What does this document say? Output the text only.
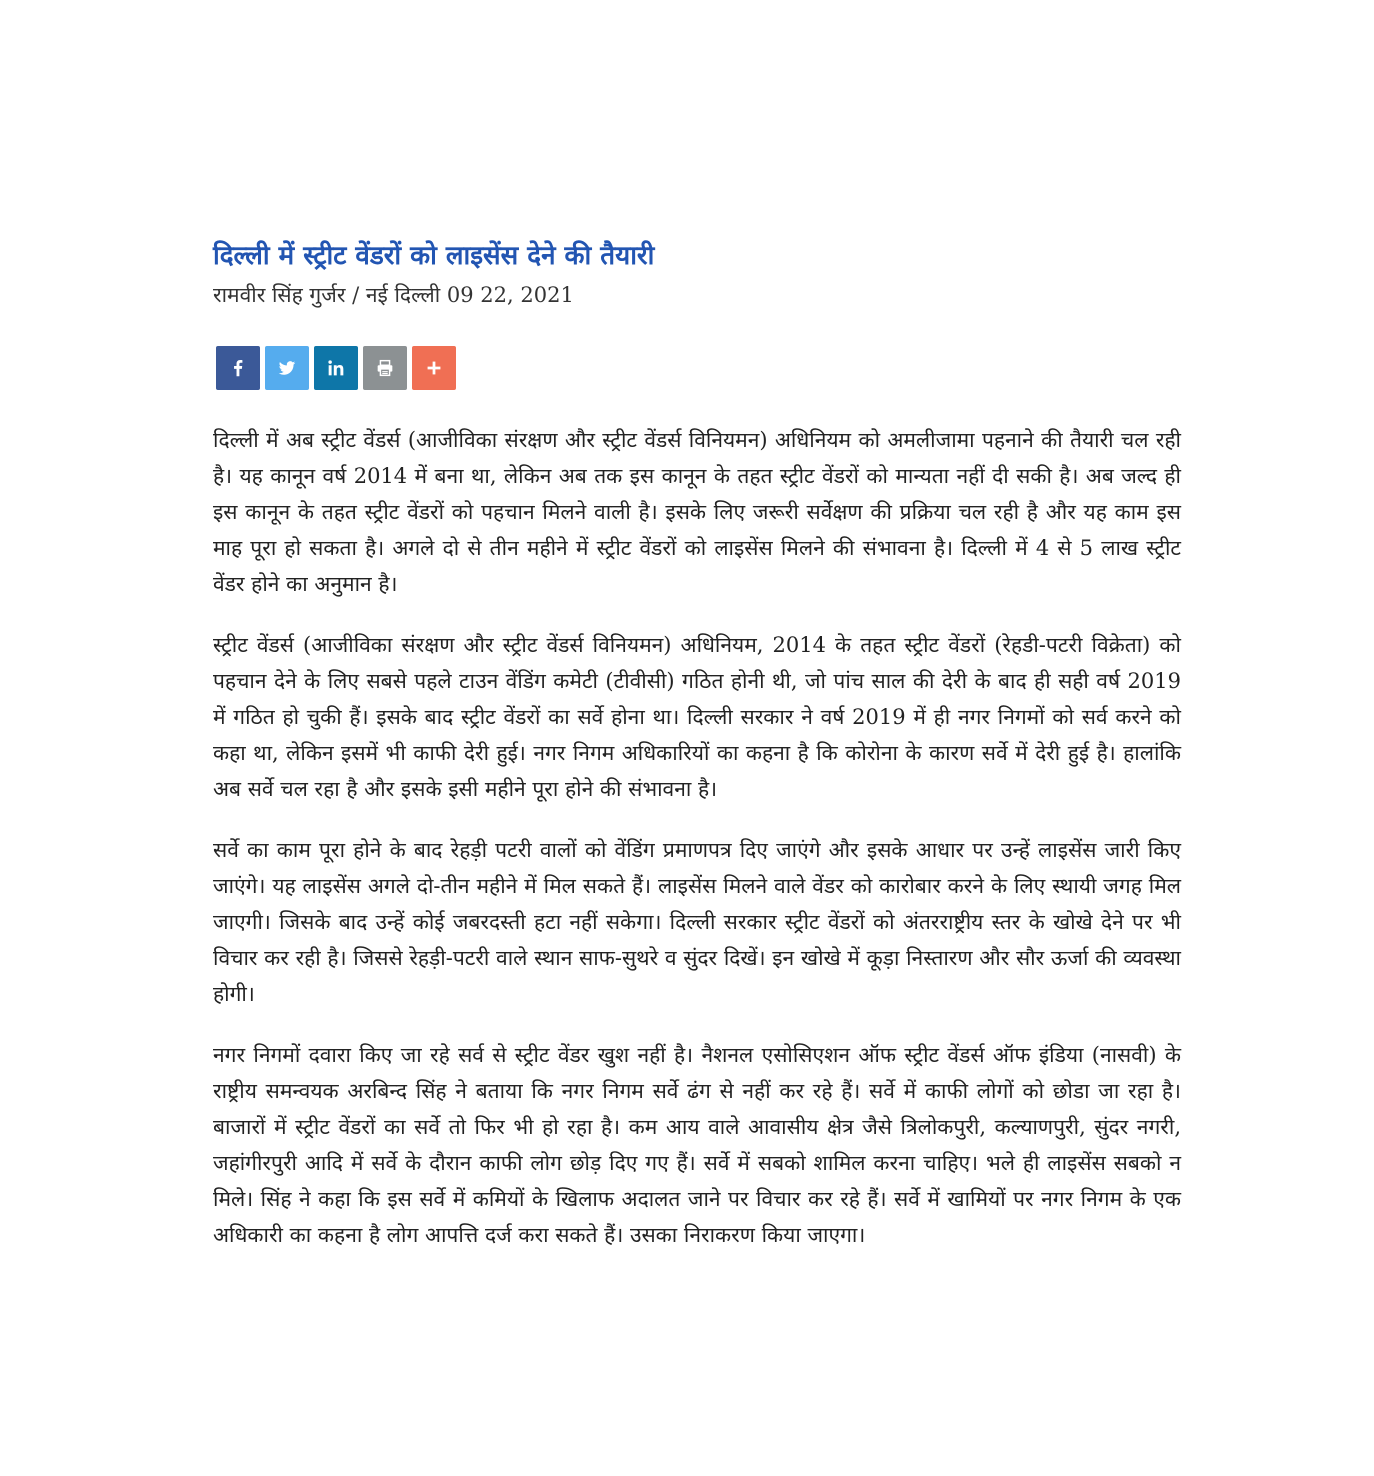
दिल्ली में स्ट्रीट वेंडरों को लाइसेंस देने की तैयारी
रामवीर सिंह गुर्जर / नई दिल्ली 09 22, 2021

दिल्ली में अब स्ट्रीट वेंडर्स (आजीविका संरक्षण और स्ट्रीट वेंडर्स विनियमन) अधिनियम को अमलीजामा पहनाने की तैयारी चल रही है। यह कानून वर्ष 2014 में बना था, लेकिन अब तक इस कानून के तहत स्ट्रीट वेंडरों को मान्यता नहीं दी सकी है। अब जल्द ही इस कानून के तहत स्ट्रीट वेंडरों को पहचान मिलने वाली है। इसके लिए जरूरी सर्वेक्षण की प्रक्रिया चल रही है और यह काम इस माह पूरा हो सकता है। अगले दो से तीन महीने में स्ट्रीट वेंडरों को लाइसेंस मिलने की संभावना है। दिल्ली में 4 से 5 लाख स्ट्रीट वेंडर होने का अनुमान है।

स्ट्रीट वेंडर्स (आजीविका संरक्षण और स्ट्रीट वेंडर्स विनियमन) अधिनियम, 2014 के तहत स्ट्रीट वेंडरों (रेहडी-पटरी विक्रेता) को पहचान देने के लिए सबसे पहले टाउन वेंडिंग कमेटी (टीवीसी) गठित होनी थी, जो पांच साल की देरी के बाद ही सही वर्ष 2019 में गठित हो चुकी हैं। इसके बाद स्ट्रीट वेंडरों का सर्वे होना था। दिल्ली सरकार ने वर्ष 2019 में ही नगर निगमों को सर्व करने को कहा था, लेकिन इसमें भी काफी देरी हुई। नगर निगम अधिकारियों का कहना है कि कोरोना के कारण सर्वे में देरी हुई है। हालांकि अब सर्वे चल रहा है और इसके इसी महीने पूरा होने की संभावना है।

सर्वे का काम पूरा होने के बाद रेहड़ी पटरी वालों को वेंडिंग प्रमाणपत्र दिए जाएंगे और इसके आधार पर उन्हें लाइसेंस जारी किए जाएंगे। यह लाइसेंस अगले दो-तीन महीने में मिल सकते हैं। लाइसेंस मिलने वाले वेंडर को कारोबार करने के लिए स्थायी जगह मिल जाएगी। जिसके बाद उन्हें कोई जबरदस्ती हटा नहीं सकेगा। दिल्ली सरकार स्ट्रीट वेंडरों को अंतरराष्ट्रीय स्तर के खोखे देने पर भी विचार कर रही है। जिससे रेहड़ी-पटरी वाले स्थान साफ-सुथरे व सुंदर दिखें। इन खोखे में कूड़ा निस्तारण और सौर ऊर्जा की व्यवस्था होगी।

नगर निगमों दवारा किए जा रहे सर्व से स्ट्रीट वेंडर खुश नहीं है। नैशनल एसोसिएशन ऑफ स्ट्रीट वेंडर्स ऑफ इंडिया (नासवी) के राष्ट्रीय समन्वयक अरबिन्द सिंह ने बताया कि नगर निगम सर्वे ढंग से नहीं कर रहे हैं। सर्वे में काफी लोगों को छोडा जा रहा है। बाजारों में स्ट्रीट वेंडरों का सर्वे तो फिर भी हो रहा है। कम आय वाले आवासीय क्षेत्र जैसे त्रिलोकपुरी, कल्याणपुरी, सुंदर नगरी, जहांगीरपुरी आदि में सर्वे के दौरान काफी लोग छोड़ दिए गए हैं। सर्वे में सबको शामिल करना चाहिए। भले ही लाइसेंस सबको न मिले। सिंह ने कहा कि इस सर्वे में कमियों के खिलाफ अदालत जाने पर विचार कर रहे हैं। सर्वे में खामियों पर नगर निगम के एक अधिकारी का कहना है लोग आपत्ति दर्ज करा सकते हैं। उसका निराकरण किया जाएगा।
